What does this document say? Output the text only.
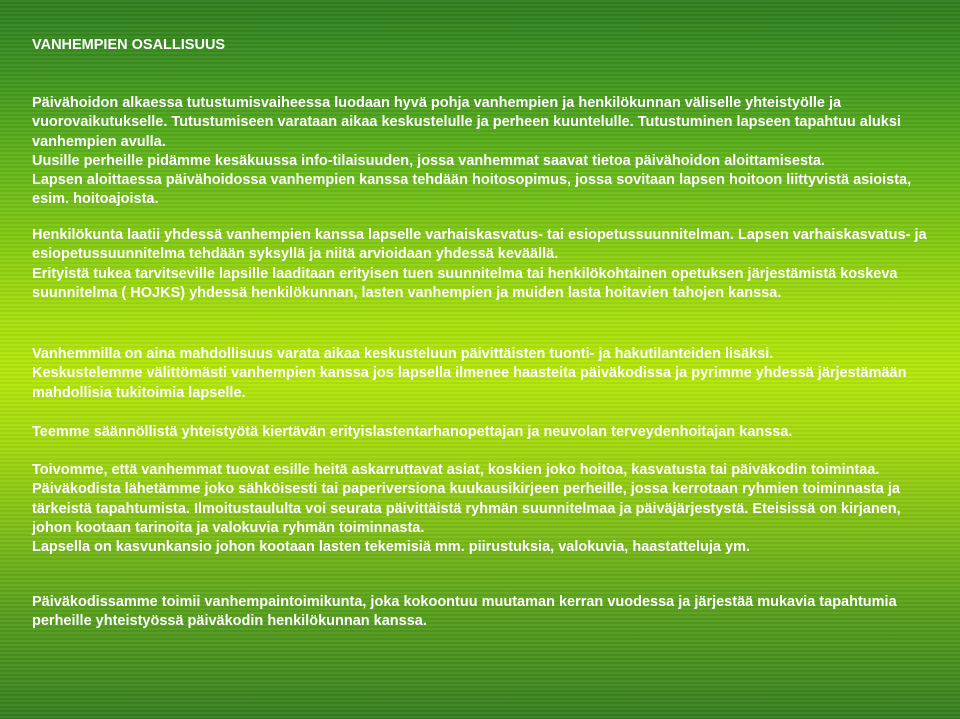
VANHEMPIEN OSALLISUUS

Päivähoidon alkaessa tutustumisvaiheessa luodaan hyvä pohja vanhempien ja henkilökunnan väliselle yhteistyölle ja vuorovaikutukselle. Tutustumiseen varataan aikaa keskustelulle ja perheen kuuntelulle. Tutustuminen lapseen tapahtuu aluksi vanhempien avulla.

Uusille perheille pidämme kesäkuussa info-tilaisuuden, jossa vanhemmat saavat tietoa päivähoidon aloittamisesta.

Lapsen aloittaessa päivähoidossa vanhempien kanssa tehdään hoitosopimus, jossa sovitaan lapsen hoitoon liittyvistä asioista, esim. hoitoajoista.

Henkilökunta laatii yhdessä vanhempien kanssa lapselle varhaiskasvatus- tai esiopetussuunnitelman. Lapsen varhaiskasvatus- ja esiopetussuunnitelma tehdään syksyllä ja niitä arvioidaan yhdessä keväällä.

Erityistä tukea tarvitseville lapsille laaditaan erityisen tuen suunnitelma tai henkilökohtainen opetuksen järjestämistä koskeva suunnitelma ( HOJKS) yhdessä henkilökunnan, lasten vanhempien ja muiden lasta hoitavien tahojen kanssa.

Vanhemmilla on aina mahdollisuus varata aikaa keskusteluun päivittäisten tuonti- ja hakutilanteiden lisäksi.

Keskustelemme välittömästi vanhempien kanssa jos lapsella ilmenee haasteita päiväkodissa ja pyrimme yhdessä järjestämään mahdollisia tukitoimia lapselle.

Teemme säännöllistä yhteistyötä kiertävän erityislastentarhanopettajan ja neuvolan terveydenhoitajan kanssa.

Toivomme, että vanhemmat tuovat esille heitä askarruttavat asiat, koskien joko hoitoa, kasvatusta tai päiväkodin toimintaa.

Päiväkodista lähetämme joko sähköisesti tai paperiversiona kuukausikirjeen perheille, jossa kerrotaan ryhmien toiminnasta ja tärkeistä tapahtumista. Ilmoitustaululta voi seurata päivittäistä ryhmän suunnitelmaa ja päiväjärjestystä. Eteisissä on kirjanen, johon kootaan tarinoita ja valokuvia ryhmän toiminnasta.

Lapsella on kasvunkansio johon kootaan lasten tekemisiä mm. piirustuksia, valokuvia, haastatteluja ym.

Päiväkodissamme toimii vanhempaintoimikunta, joka kokoontuu muutaman kerran vuodessa ja järjestää mukavia tapahtumia perheille yhteistyössä päiväkodin henkilökunnan kanssa.
